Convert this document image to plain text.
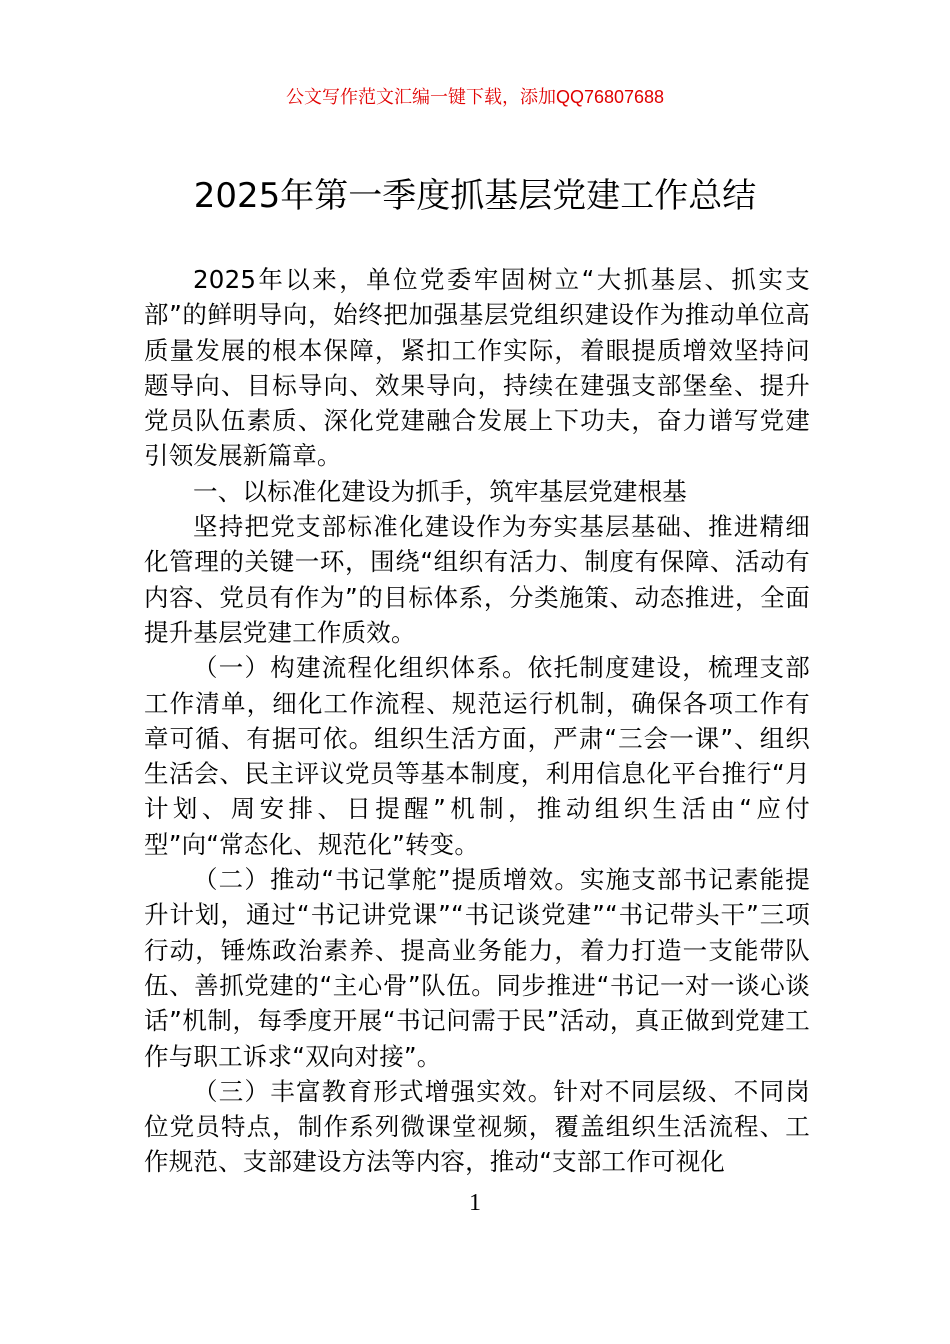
公文写作范文汇编一键下载，添加QQ76807688
2025年第一季度抓基层党建工作总结

2025年以来，单位党委牢固树立“大抓基层、抓实支部”的鲜明导向，始终把加强基层党组织建设作为推动单位高质量发展的根本保障，紧扣工作实际，着眼提质增效坚持问题导向、目标导向、效果导向，持续在建强支部堡垒、提升党员队伍素质、深化党建融合发展上下功夫，奋力谱写党建引领发展新篇章。

一、以标准化建设为抓手，筑牢基层党建根基

坚持把党支部标准化建设作为夯实基层基础、推进精细化管理的关键一环，围绕“组织有活力、制度有保障、活动有内容、党员有作为”的目标体系，分类施策、动态推进，全面提升基层党建工作质效。

（一）构建流程化组织体系。依托制度建设，梳理支部工作清单，细化工作流程、规范运行机制，确保各项工作有章可循、有据可依。组织生活方面，严肃“三会一课”、组织生活会、民主评议党员等基本制度，利用信息化平台推行“月计划、周安排、日提醒”机制，推动组织生活由“应付型”向“常态化、规范化”转变。

（二）推动“书记掌舵”提质增效。实施支部书记素能提升计划，通过“书记讲党课”“书记谈党建”“书记带头干”三项行动，锤炼政治素养、提高业务能力，着力打造一支能带队伍、善抓党建的“主心骨”队伍。同步推进“书记一对一谈心谈话”机制，每季度开展“书记问需于民”活动，真正做到党建工作与职工诉求“双向对接”。

（三）丰富教育形式增强实效。针对不同层级、不同岗位党员特点，制作系列微课堂视频，覆盖组织生活流程、工作规范、支部建设方法等内容，推动“支部工作可视化

1
